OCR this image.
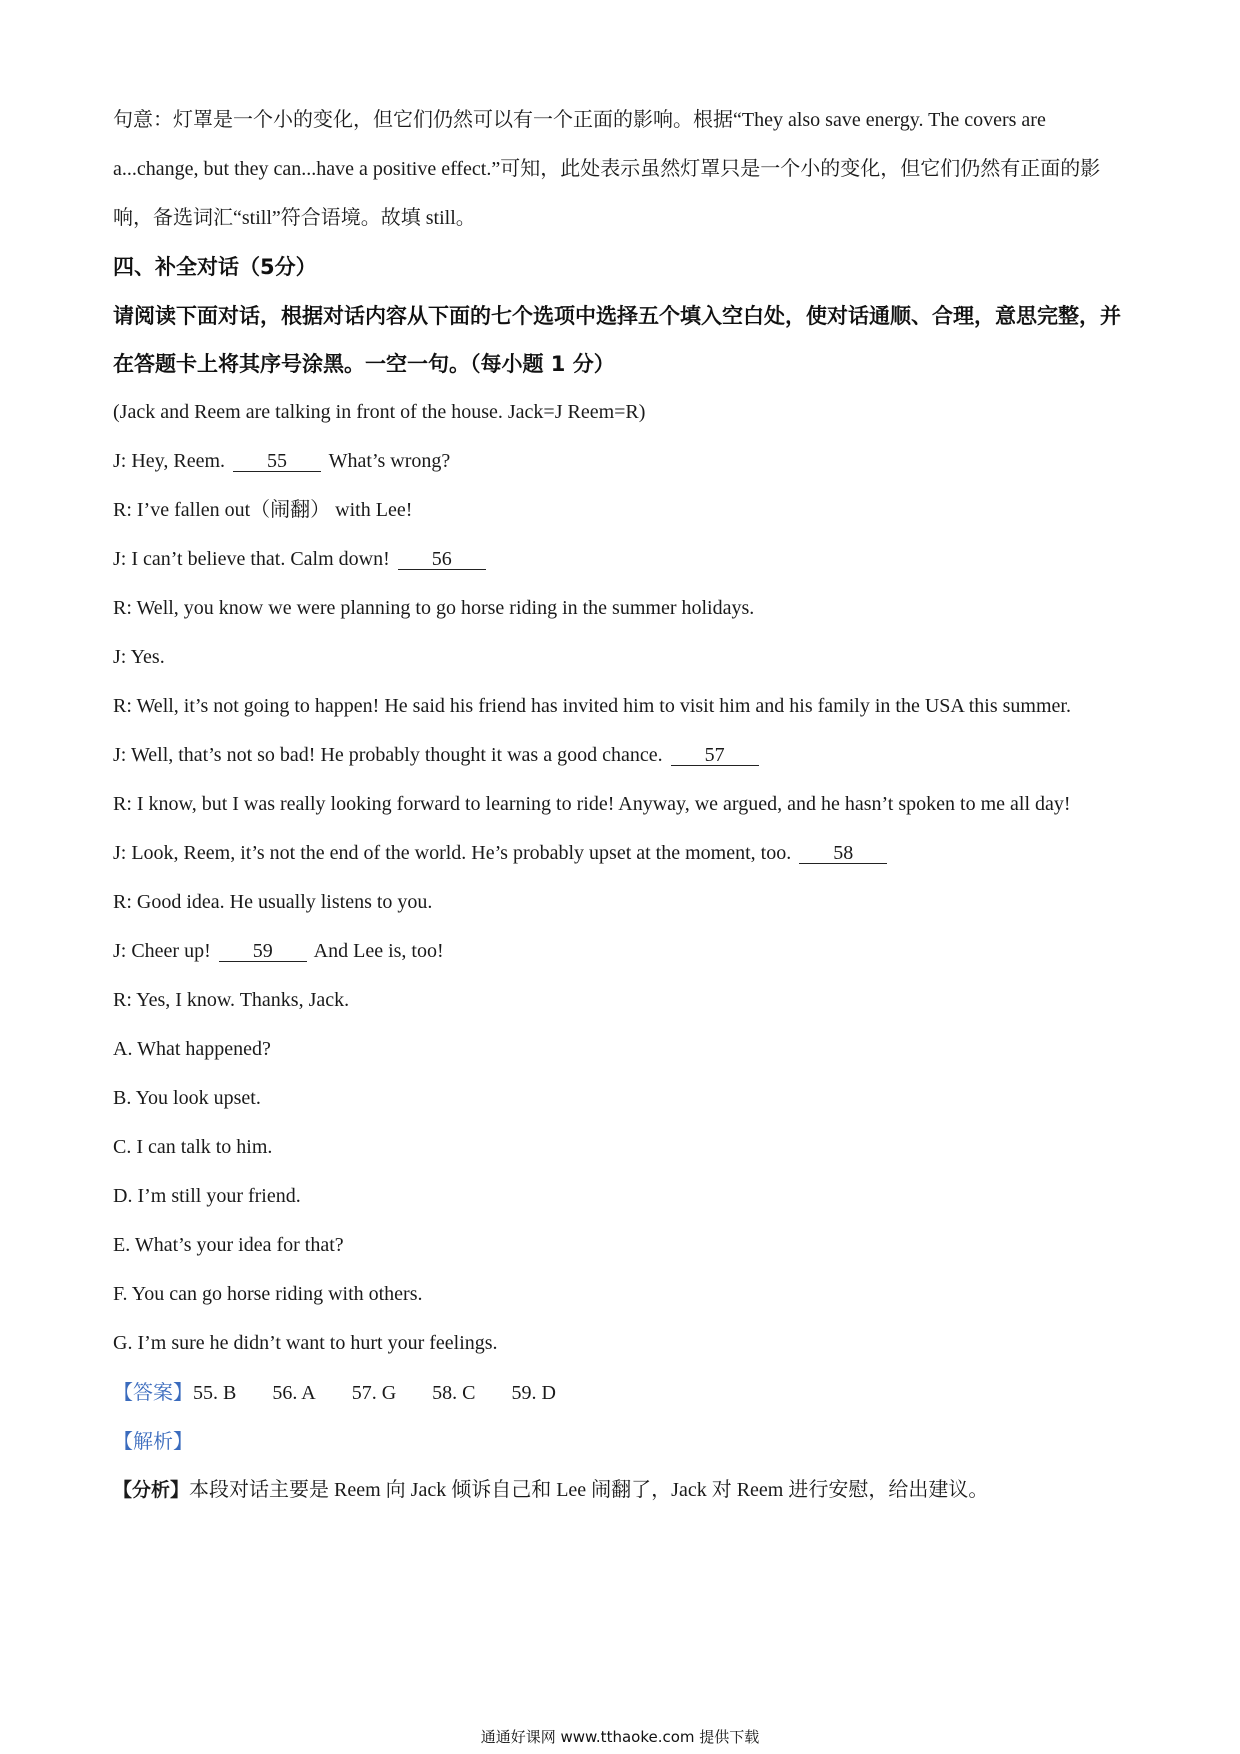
句意：灯罩是一个小的变化，但它们仍然可以有一个正面的影响。根据“They also save energy. The covers are a...change, but they can...have a positive effect.”可知，此处表示虽然灯罩只是一个小的变化，但它们仍然有正面的影响，备选词汇“still”符合语境。故填 still。
四、补全对话（5分）
请阅读下面对话，根据对话内容从下面的七个选项中选择五个填入空白处，使对话通顺、合理，意思完整，并在答题卡上将其序号涂黑。一空一句。（每小题 1 分）
(Jack and Reem are talking in front of the house. Jack=J Reem=R)
J: Hey, Reem. 55 What’s wrong?
R: I’ve fallen out（闹翻） with Lee!
J: I can’t believe that. Calm down! 56
R: Well, you know we were planning to go horse riding in the summer holidays.
J: Yes.
R: Well, it’s not going to happen! He said his friend has invited him to visit him and his family in the USA this summer.
J: Well, that’s not so bad! He probably thought it was a good chance. 57
R: I know, but I was really looking forward to learning to ride! Anyway, we argued, and he hasn’t spoken to me all day!
J: Look, Reem, it’s not the end of the world. He’s probably upset at the moment, too. 58
R: Good idea. He usually listens to you.
J: Cheer up! 59 And Lee is, too!
R: Yes, I know. Thanks, Jack.
A. What happened?
B. You look upset.
C. I can talk to him.
D. I’m still your friend.
E. What’s your idea for that?
F. You can go horse riding with others.
G. I’m sure he didn’t want to hurt your feelings.
【答案】55. B 56. A 57. G 58. C 59. D
【解析】
【分析】本段对话主要是 Reem 向 Jack 倾诉自己和 Lee 闹翻了，Jack 对 Reem 进行安慰，给出建议。
通通好课网 www.tthaoke.com 提供下载
